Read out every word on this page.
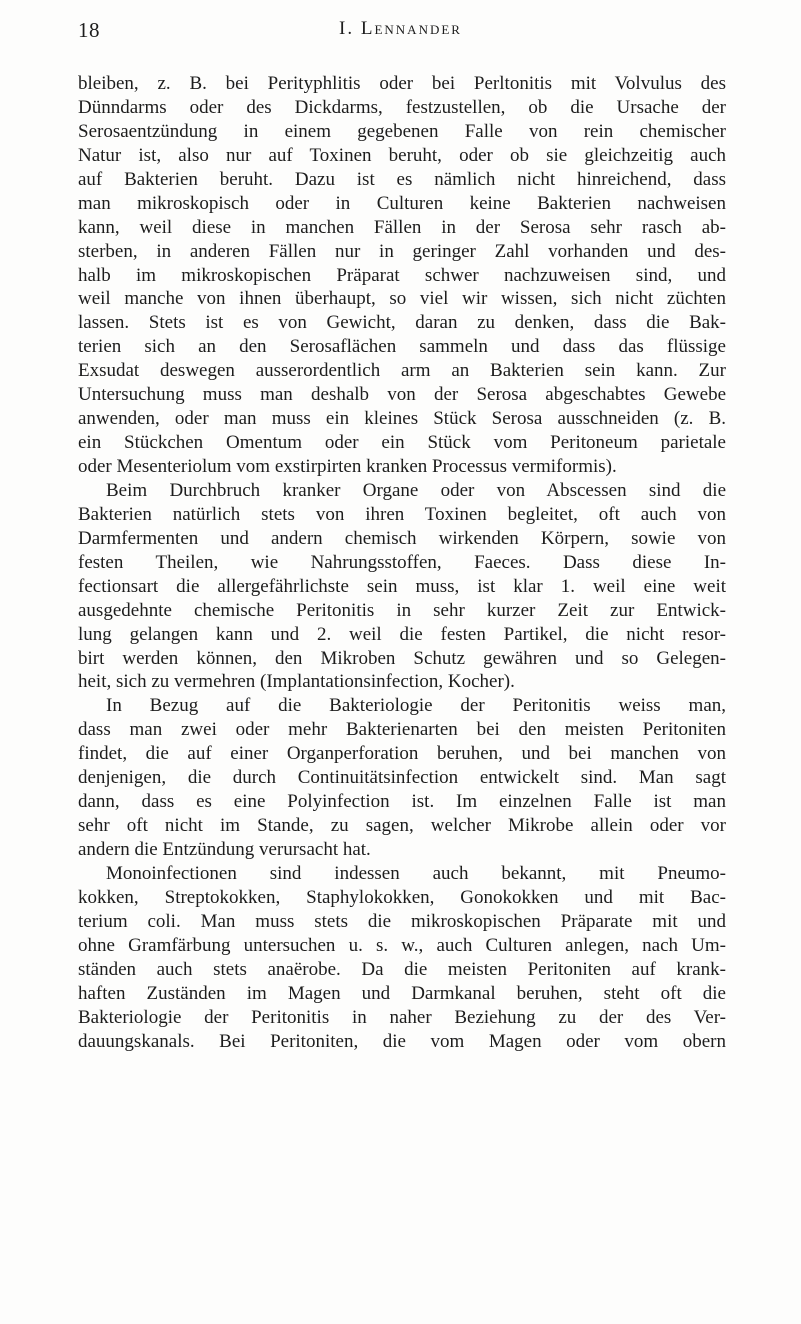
18	I. Lennander
bleiben, z. B. bei Perityphlitis oder bei Perltonitis mit Volvulus des
Dünndarms oder des Dickdarms, festzustellen, ob die Ursache der
Serosaentzündung in einem gegebenen Falle von rein chemischer
Natur ist, also nur auf Toxinen beruht, oder ob sie gleichzeitig auch
auf Bakterien beruht. Dazu ist es nämlich nicht hinreichend, dass
man mikroskopisch oder in Culturen keine Bakterien nachweisen
kann, weil diese in manchen Fällen in der Serosa sehr rasch ab-
sterben, in anderen Fällen nur in geringer Zahl vorhanden und des-
halb im mikroskopischen Präparat schwer nachzuweisen sind, und
weil manche von ihnen überhaupt, so viel wir wissen, sich nicht züchten
lassen. Stets ist es von Gewicht, daran zu denken, dass die Bak-
terien sich an den Serosaflächen sammeln und dass das flüssige
Exsudat deswegen ausserordentlich arm an Bakterien sein kann. Zur
Untersuchung muss man deshalb von der Serosa abgeschabtes Gewebe
anwenden, oder man muss ein kleines Stück Serosa ausschneiden (z. B.
ein Stückchen Omentum oder ein Stück vom Peritoneum parietale
oder Mesenteriolum vom exstirpirten kranken Processus vermiformis).
Beim Durchbruch kranker Organe oder von Abscessen sind die
Bakterien natürlich stets von ihren Toxinen begleitet, oft auch von
Darmfermenten und andern chemisch wirkenden Körpern, sowie von
festen Theilen, wie Nahrungsstoffen, Faeces. Dass diese In-
fectionsart die allergefährlichste sein muss, ist klar 1. weil eine weit
ausgedehnte chemische Peritonitis in sehr kurzer Zeit zur Entwick-
lung gelangen kann und 2. weil die festen Partikel, die nicht resor-
birt werden können, den Mikroben Schutz gewähren und so Gelegen-
heit, sich zu vermehren (Implantationsinfection, Kocher).
In Bezug auf die Bakteriologie der Peritonitis weiss man,
dass man zwei oder mehr Bakterienarten bei den meisten Peritoniten
findet, die auf einer Organperforation beruhen, und bei manchen von
denjenigen, die durch Continuitätsinfection entwickelt sind. Man sagt
dann, dass es eine Polyinfection ist. Im einzelnen Falle ist man
sehr oft nicht im Stande, zu sagen, welcher Mikrobe allein oder vor
andern die Entzündung verursacht hat.
Monoinfectionen sind indessen auch bekannt, mit Pneumo-
kokken, Streptokokken, Staphylokokken, Gonokokken und mit Bac-
terium coli. Man muss stets die mikroskopischen Präparate mit und
ohne Gramfärbung untersuchen u. s. w., auch Culturen anlegen, nach Um-
ständen auch stets anaërobe. Da die meisten Peritoniten auf krank-
haften Zuständen im Magen und Darmkanal beruhen, steht oft die
Bakteriologie der Peritonitis in naher Beziehung zu der des Ver-
dauungskanals. Bei Peritoniten, die vom Magen oder vom obern
